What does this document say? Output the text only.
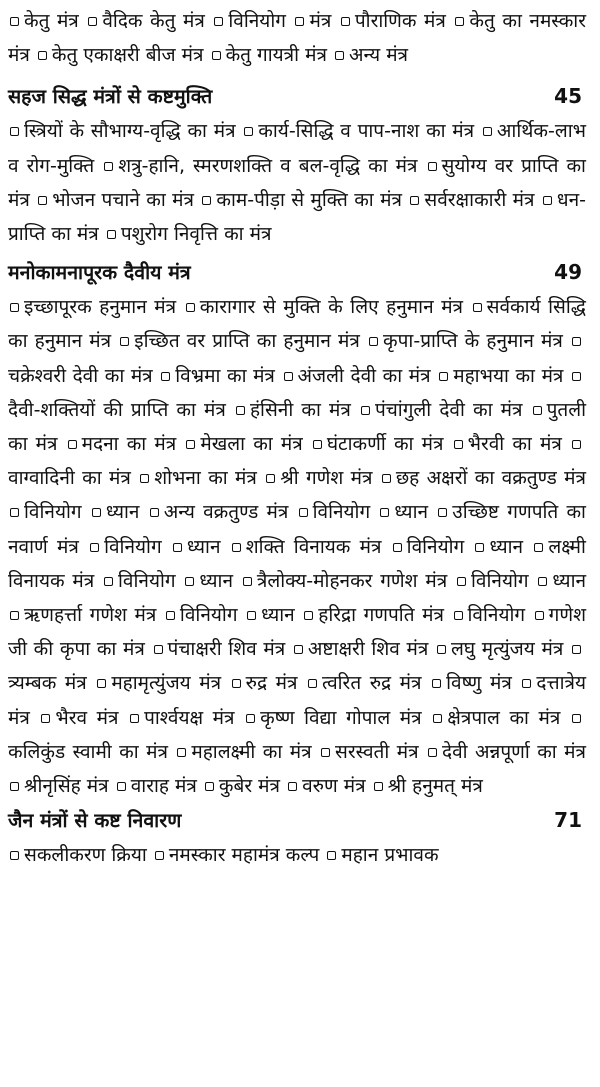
केतु मंत्र वैदिक केतु मंत्र विनियोग मंत्र पौराणिक मंत्र केतु का नमस्कार मंत्र केतु एकाक्षरी बीज मंत्र केतु गायत्री मंत्र अन्य मंत्र

सहज सिद्ध मंत्रों से कष्टमुक्ति	45

स्त्रियों के सौभाग्य-वृद्धि का मंत्र कार्य-सिद्धि व पाप-नाश का मंत्र आर्थिक-लाभ व रोग-मुक्ति शत्रु-हानि, स्मरणशक्ति व बल-वृद्धि का मंत्र सुयोग्य वर प्राप्ति का मंत्र भोजन पचाने का मंत्र काम-पीड़ा से मुक्ति का मंत्र सर्वरक्षाकारी मंत्र धन-प्राप्ति का मंत्र पशुरोग निवृत्ति का मंत्र

मनोकामनापूरक दैवीय मंत्र	49

इच्छापूरक हनुमान मंत्र कारागार से मुक्ति के लिए हनुमान मंत्र सर्वकार्य सिद्धि का हनुमान मंत्र इच्छित वर प्राप्ति का हनुमान मंत्र कृपा-प्राप्ति के हनुमान मंत्र चक्रेश्वरी देवी का मंत्र विभ्रमा का मंत्र अंजली देवी का मंत्र महाभया का मंत्र दैवी-शक्तियों की प्राप्ति का मंत्र हंसिनी का मंत्र पंचांगुली देवी का मंत्र पुतली का मंत्र मदना का मंत्र मेखला का मंत्र घंटाकर्णी का मंत्र भैरवी का मंत्र वाग्वादिनी का मंत्र शोभना का मंत्र श्री गणेश मंत्र छह अक्षरों का वक्रतुण्ड मंत्र विनियोग ध्यान अन्य वक्रतुण्ड मंत्र विनियोग ध्यान उच्छिष्ट गणपति का नवार्ण मंत्र विनियोग ध्यान शक्ति विनायक मंत्र विनियोग ध्यान लक्ष्मी विनायक मंत्र विनियोग ध्यान त्रैलोक्य-मोहनकर गणेश मंत्र विनियोग ध्यान ऋणहर्त्ता गणेश मंत्र विनियोग ध्यान हरिद्रा गणपति मंत्र विनियोग गणेश जी की कृपा का मंत्र पंचाक्षरी शिव मंत्र अष्टाक्षरी शिव मंत्र लघु मृत्युंजय मंत्र त्र्यम्बक मंत्र महामृत्युंजय मंत्र रुद्र मंत्र त्वरित रुद्र मंत्र विष्णु मंत्र दत्तात्रेय मंत्र भैरव मंत्र पार्श्वयक्ष मंत्र कृष्ण विद्या गोपाल मंत्र क्षेत्रपाल का मंत्र कलिकुंड स्वामी का मंत्र महालक्ष्मी का मंत्र सरस्वती मंत्र देवी अन्नपूर्णा का मंत्र श्रीनृसिंह मंत्र वाराह मंत्र कुबेर मंत्र वरुण मंत्र श्री हनुमत् मंत्र

जैन मंत्रों से कष्ट निवारण	71

सकलीकरण क्रिया नमस्कार महामंत्र कल्प महान प्रभावक
